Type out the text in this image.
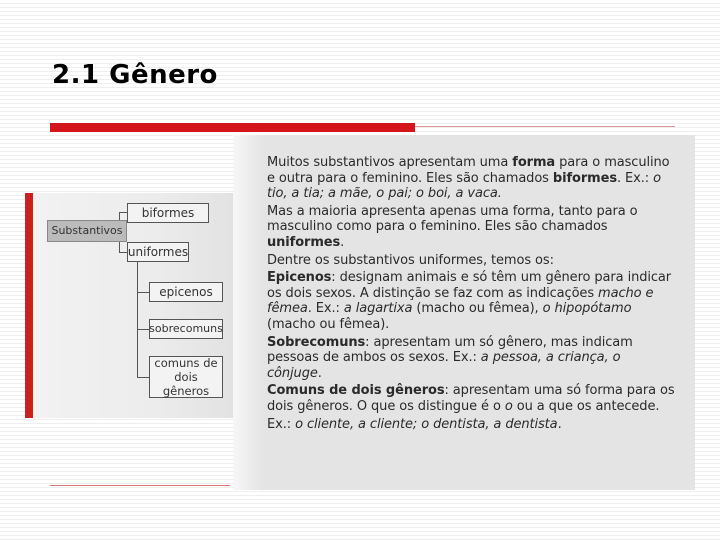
2.1 Gênero
Substantivos
biformes
uniformes
epicenos
sobrecomuns
comuns de dois gêneros
Muitos substantivos apresentam uma forma para o masculino e outra para o feminino. Eles são chamados biformes. Ex.: o tio, a tia; a mãe, o pai; o boi, a vaca.
Mas a maioria apresenta apenas uma forma, tanto para o masculino como para o feminino. Eles são chamados uniformes.
Dentre os substantivos uniformes, temos os:
Epicenos: designam animais e só têm um gênero para indicar os dois sexos. A distinção se faz com as indicações macho e fêmea. Ex.: a lagartixa (macho ou fêmea), o hipopótamo (macho ou fêmea).
Sobrecomuns: apresentam um só gênero, mas indicam pessoas de ambos os sexos. Ex.: a pessoa, a criança, o cônjuge.
Comuns de dois gêneros: apresentam uma só forma para os dois gêneros. O que os distingue é o o ou a que os antecede.
Ex.: o cliente, a cliente; o dentista, a dentista.
